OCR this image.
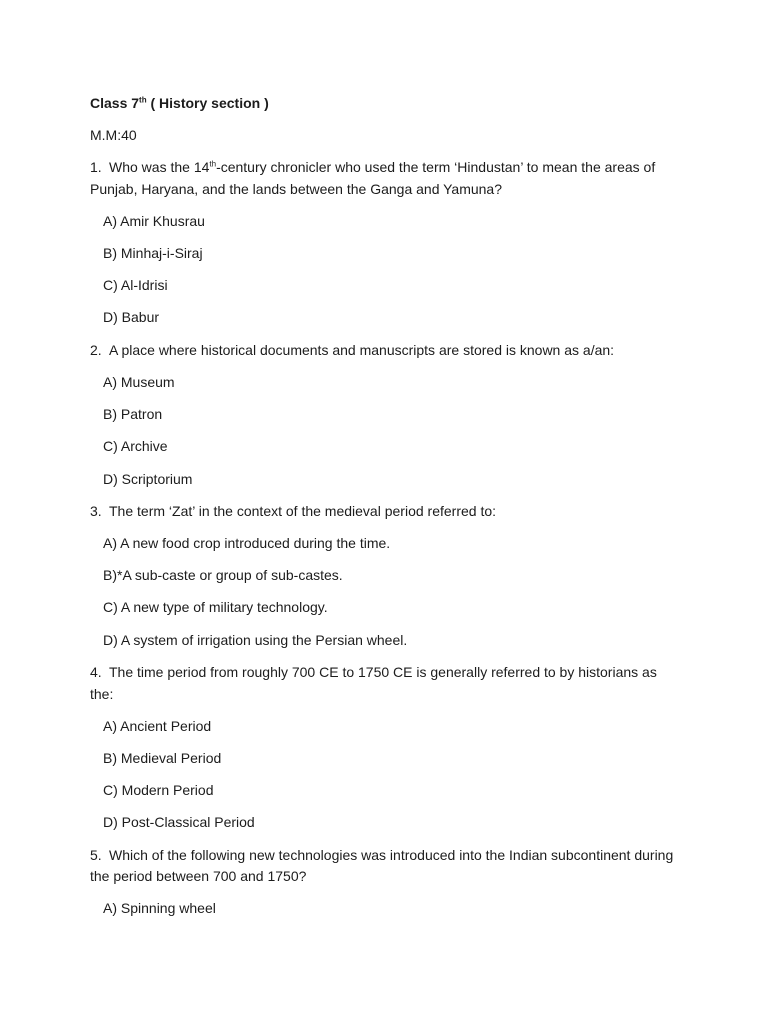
Class 7th ( History section )
M.M:40
1. Who was the 14th-century chronicler who used the term ‘Hindustan’ to mean the areas of Punjab, Haryana, and the lands between the Ganga and Yamuna?
A) Amir Khusrau
B) Minhaj-i-Siraj
C) Al-Idrisi
D) Babur
2. A place where historical documents and manuscripts are stored is known as a/an:
A) Museum
B) Patron
C) Archive
D) Scriptorium
3. The term ‘Zat’ in the context of the medieval period referred to:
A) A new food crop introduced during the time.
B)*A sub-caste or group of sub-castes.
C) A new type of military technology.
D) A system of irrigation using the Persian wheel.
4. The time period from roughly 700 CE to 1750 CE is generally referred to by historians as the:
A) Ancient Period
B) Medieval Period
C) Modern Period
D) Post-Classical Period
5. Which of the following new technologies was introduced into the Indian subcontinent during the period between 700 and 1750?
A) Spinning wheel
